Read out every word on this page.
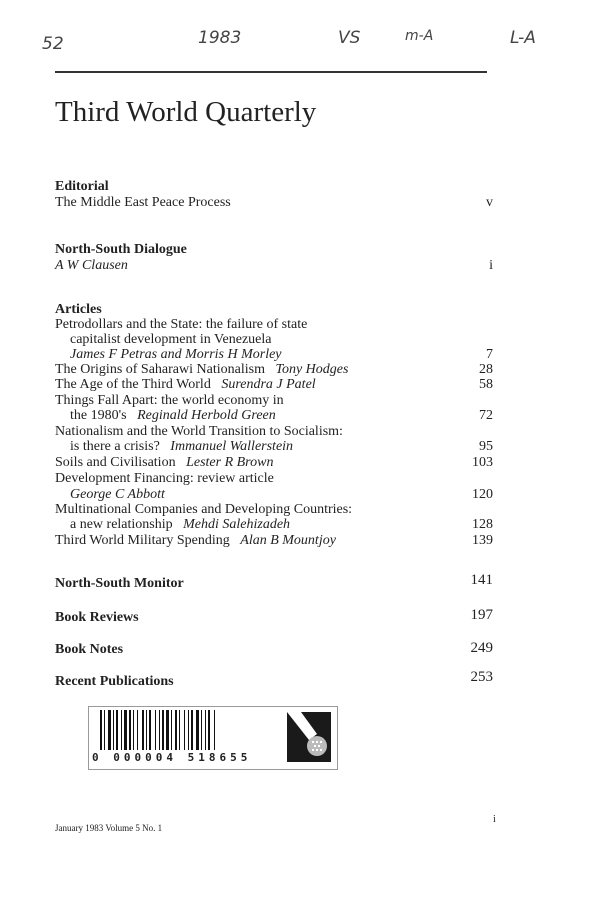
52	1983	VS	m-A	L-A
Third World Quarterly
Editorial
The Middle East Peace Process	v
North-South Dialogue
A W Clausen	i
Articles
Petrodollars and the State: the failure of state
capitalist development in Venezuela
James F Petras and Morris H Morley	7
The Origins of Saharawi Nationalism Tony Hodges	28
The Age of the Third World Surendra J Patel	58
Things Fall Apart: the world economy in
the 1980's Reginald Herbold Green	72
Nationalism and the World Transition to Socialism:
is there a crisis? Immanuel Wallerstein	95
Soils and Civilisation Lester R Brown	103
Development Financing: review article
George C Abbott	120
Multinational Companies and Developing Countries:
a new relationship Mehdi Salehizadeh	128
Third World Military Spending Alan B Mountjoy	139
North-South Monitor	141
Book Reviews	197
Book Notes	249
Recent Publications	253
0 000004 518655
January 1983 Volume 5 No. 1
i
